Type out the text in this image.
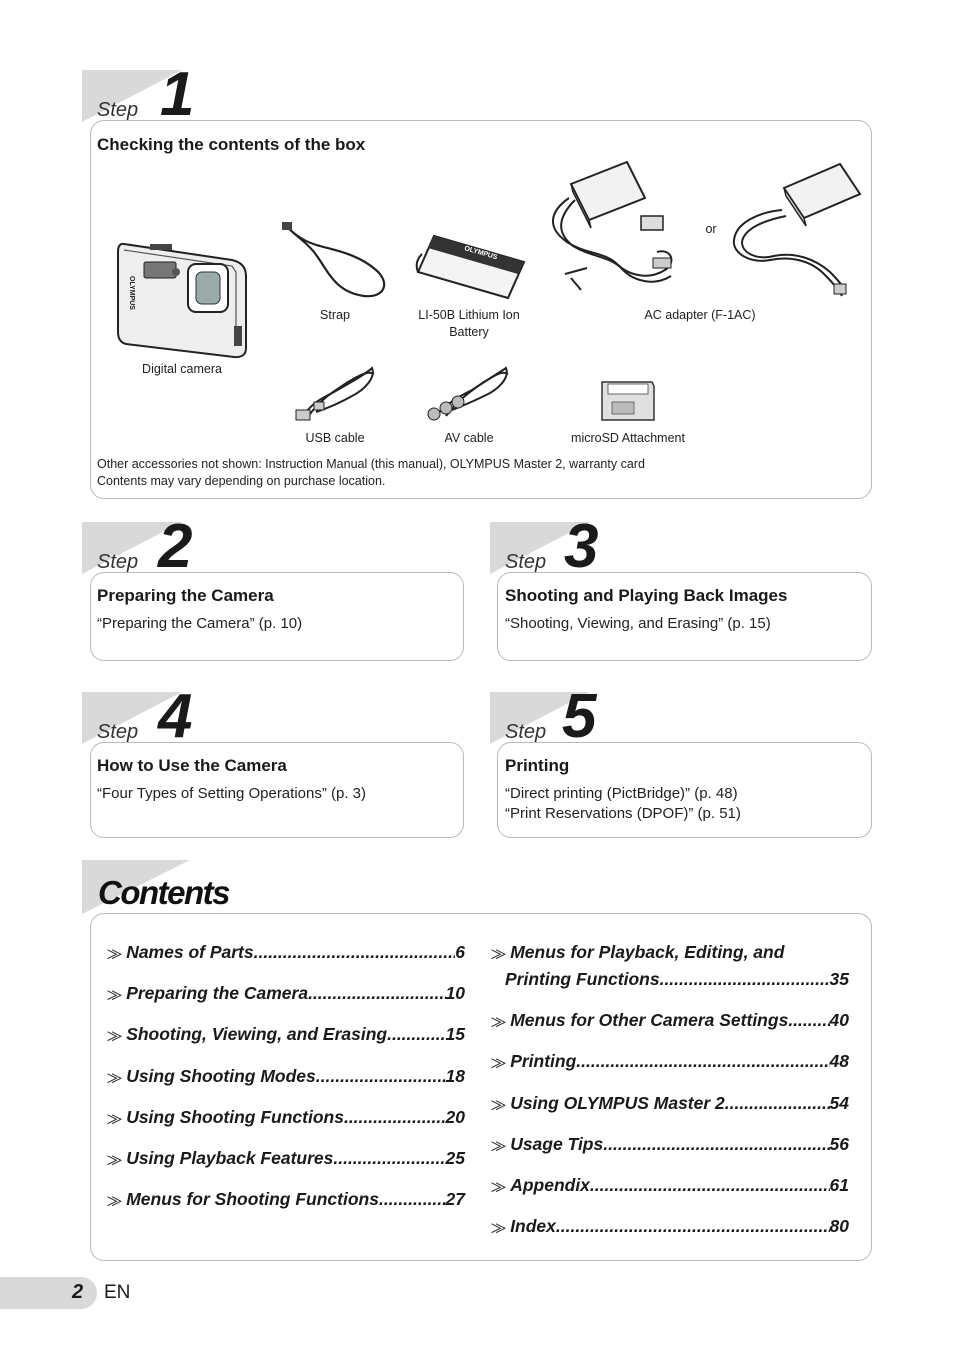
Step 1
Checking the contents of the box
OLYMPUS
Digital camera
Strap
OLYMPUS
LI-50B Lithium Ion
Battery
or
AC adapter (F-1AC)
USB cable	AV cable	microSD Attachment
Other accessories not shown: Instruction Manual (this manual), OLYMPUS Master 2, warranty card
Contents may vary depending on purchase location.
Step 2
Preparing the Camera
“Preparing the Camera” (p. 10)
Step 3
Shooting and Playing Back Images
“Shooting, Viewing, and Erasing” (p. 15)
Step 4
How to Use the Camera
“Four Types of Setting Operations” (p. 3)
Step 5
Printing
“Direct printing (PictBridge)” (p. 48)
“Print Reservations (DPOF)” (p. 51)
Contents
⨠ Names of Parts .....	6
⨠ Preparing the Camera .....	10
⨠ Shooting, Viewing, and Erasing .....	15
⨠ Using Shooting Modes .....	18
⨠ Using Shooting Functions .....	20
⨠ Using Playback Features .....	25
⨠ Menus for Shooting Functions .....	27
⨠ Menus for Playback, Editing, and
Printing Functions .....	35
⨠ Menus for Other Camera Settings ..... 40
⨠ Printing .....	48
⨠ Using OLYMPUS Master 2 .....	54
⨠ Usage Tips .....	56
⨠ Appendix .....	61
⨠ Index .....	80
2 EN
